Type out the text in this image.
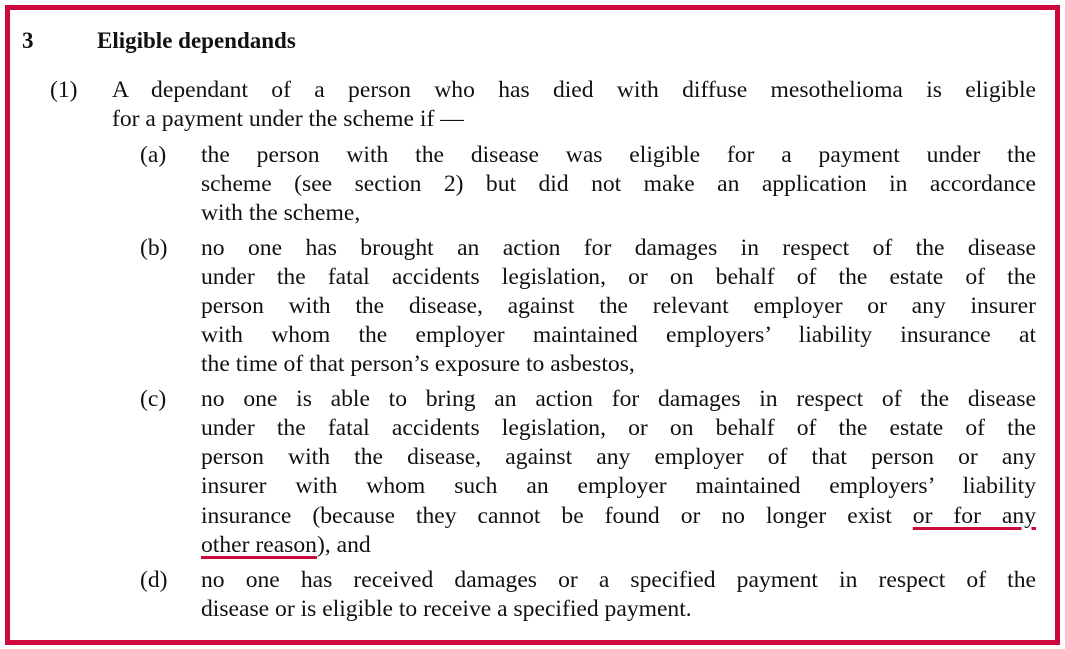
3	Eligible dependands
(1) A dependant of a person who has died with diffuse mesothelioma is eligible
for a payment under the scheme if —
(a) the person with the disease was eligible for a payment under the
scheme (see section 2) but did not make an application in accordance
with the scheme,
(b) no one has brought an action for damages in respect of the disease
under the fatal accidents legislation, or on behalf of the estate of the
person with the disease, against the relevant employer or any insurer
with whom the employer maintained employers’ liability insurance at
the time of that person’s exposure to asbestos,
(c) no one is able to bring an action for damages in respect of the disease
under the fatal accidents legislation, or on behalf of the estate of the
person with the disease, against any employer of that person or any
insurer with whom such an employer maintained employers’ liability
insurance (because they cannot be found or no longer exist or for any
other reason), and
(d) no one has received damages or a specified payment in respect of the
disease or is eligible to receive a specified payment.
